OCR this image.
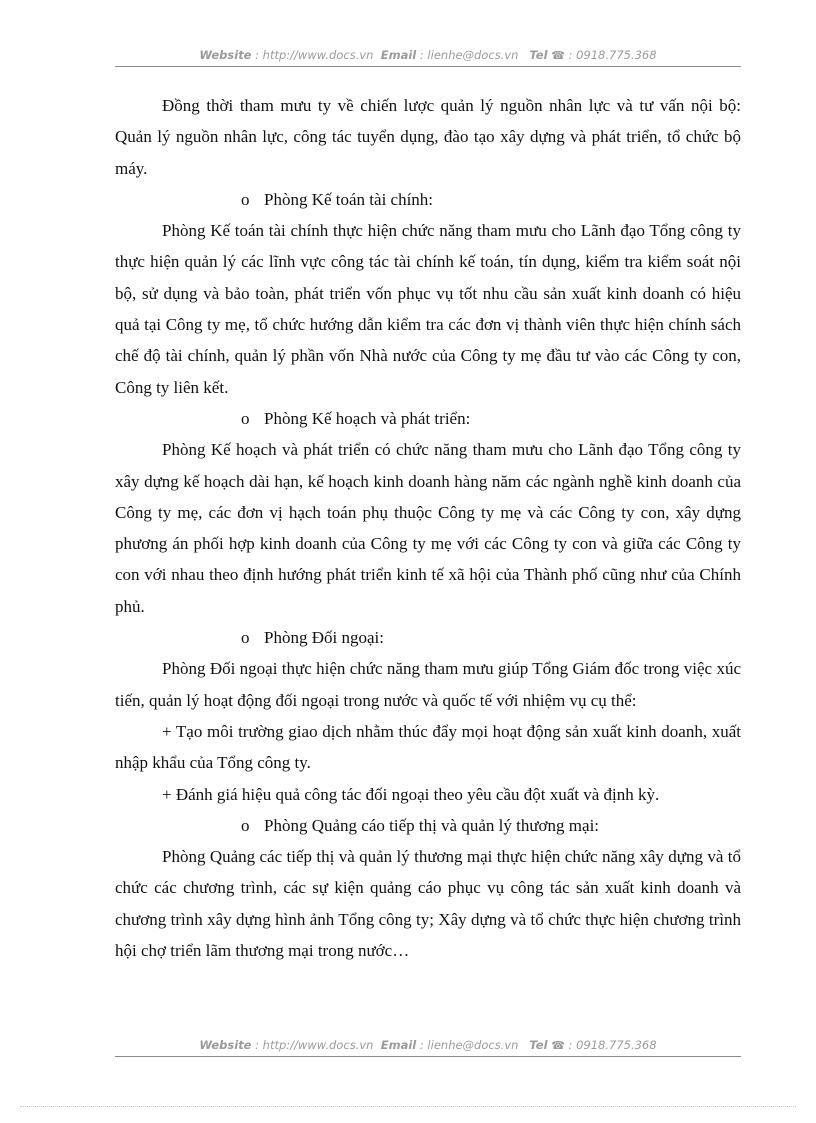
Website : http://www.docs.vn Email : lienhe@docs.vn Tel ☎ : 0918.775.368

Đồng thời tham mưu ty về chiến lược quản lý nguồn nhân lực và tư vấn nội bộ: Quản lý nguồn nhân lực, công tác tuyển dụng, đào tạo xây dựng và phát triển, tổ chức bộ máy.

o Phòng Kế toán tài chính:

Phòng Kế toán tài chính thực hiện chức năng tham mưu cho Lãnh đạo Tổng công ty thực hiện quản lý các lĩnh vực công tác tài chính kế toán, tín dụng, kiểm tra kiểm soát nội bộ, sử dụng và bảo toàn, phát triển vốn phục vụ tốt nhu cầu sản xuất kinh doanh có hiệu quả tại Công ty mẹ, tổ chức hướng dẫn kiểm tra các đơn vị thành viên thực hiện chính sách chế độ tài chính, quản lý phần vốn Nhà nước của Công ty mẹ đầu tư vào các Công ty con, Công ty liên kết.

o Phòng Kế hoạch và phát triển:

Phòng Kế hoạch và phát triển có chức năng tham mưu cho Lãnh đạo Tổng công ty xây dựng kế hoạch dài hạn, kế hoạch kinh doanh hàng năm các ngành nghề kinh doanh của Công ty mẹ, các đơn vị hạch toán phụ thuộc Công ty mẹ và các Công ty con, xây dựng phương án phối hợp kinh doanh của Công ty mẹ với các Công ty con và giữa các Công ty con với nhau theo định hướng phát triển kinh tế xã hội của Thành phố cũng như của Chính phủ.

o Phòng Đối ngoại:

Phòng Đối ngoại thực hiện chức năng tham mưu giúp Tổng Giám đốc trong việc xúc tiến, quản lý hoạt động đối ngoại trong nước và quốc tế với nhiệm vụ cụ thể:

+ Tạo môi trường giao dịch nhằm thúc đẩy mọi hoạt động sản xuất kinh doanh, xuất nhập khẩu của Tổng công ty.

+ Đánh giá hiệu quả công tác đối ngoại theo yêu cầu đột xuất và định kỳ.

o Phòng Quảng cáo tiếp thị và quản lý thương mại:

Phòng Quảng các tiếp thị và quản lý thương mại thực hiện chức năng xây dựng và tổ chức các chương trình, các sự kiện quảng cáo phục vụ công tác sản xuất kinh doanh và chương trình xây dựng hình ảnh Tổng công ty; Xây dựng và tổ chức thực hiện chương trình hội chợ triển lãm thương mại trong nước…

Website : http://www.docs.vn Email : lienhe@docs.vn Tel ☎ : 0918.775.368
